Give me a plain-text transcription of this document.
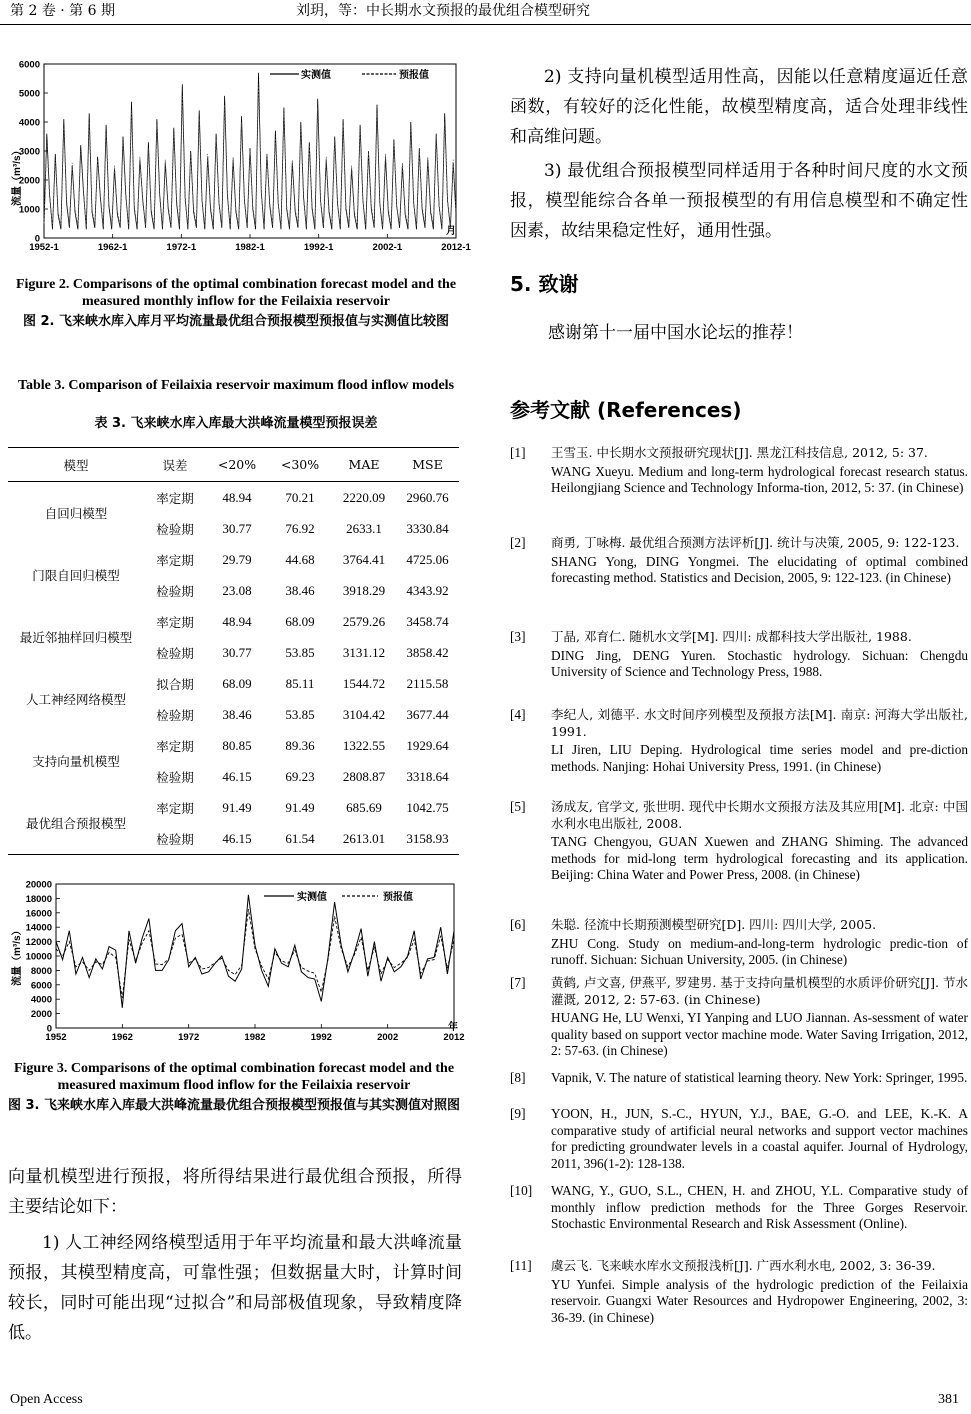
第 2 卷 · 第 6 期	刘玥，等：中长期水文预报的最优组合模型研究
0
1000
2000
3000
4000
5000
6000
1952-1	1962-1	1972-1	1982-1	1992-1	2002-1	2012-1
流量（m³/s）
月
实测值	预报值
Figure 2. Comparisons of the optimal combination forecast model and the measured monthly inflow for the Feilaixia reservoir
图 2. 飞来峡水库入库月平均流量最优组合预报模型预报值与实测值比较图
Table 3. Comparison of Feilaixia reservoir maximum flood inflow models
表 3. 飞来峡水库入库最大洪峰流量模型预报误差
模型	误差	<20%	<30%	MAE	MSE
自回归模型	率定期	48.94	70.21	2220.09	2960.76
	检验期	30.77	76.92	2633.1	3330.84
门限自回归模型	率定期	29.79	44.68	3764.41	4725.06
	检验期	23.08	38.46	3918.29	4343.92
最近邻抽样回归模型	率定期	48.94	68.09	2579.26	3458.74
	检验期	30.77	53.85	3131.12	3858.42
人工神经网络模型	拟合期	68.09	85.11	1544.72	2115.58
	检验期	38.46	53.85	3104.42	3677.44
支持向量机模型	率定期	80.85	89.36	1322.55	1929.64
	检验期	46.15	69.23	2808.87	3318.64
最优组合预报模型	率定期	91.49	91.49	685.69	1042.75
	检验期	46.15	61.54	2613.01	3158.93
0
2000
4000
6000
8000
10000
12000
14000
16000
18000
20000
1952	1962	1972	1982	1992	2002	2012
流量（m³/s）
年
实测值	预报值
Figure 3. Comparisons of the optimal combination forecast model and the measured maximum flood inflow for the Feilaixia reservoir
图 3. 飞来峡水库入库最大洪峰流量最优组合预报模型预报值与其实测值对照图
向量机模型进行预报，将所得结果进行最优组合预报，所得主要结论如下：
1) 人工神经网络模型适用于年平均流量和最大洪峰流量预报，其模型精度高，可靠性强；但数据量大时，计算时间较长，同时可能出现“过拟合”和局部极值现象，导致精度降低。
2) 支持向量机模型适用性高，因能以任意精度逼近任意函数，有较好的泛化性能，故模型精度高，适合处理非线性和高维问题。
3) 最优组合预报模型同样适用于各种时间尺度的水文预报，模型能综合各单一预报模型的有用信息模型和不确定性因素，故结果稳定性好，通用性强。
5. 致谢
感谢第十一届中国水论坛的推荐！
参考文献 (References)
[1]	王雪玉. 中长期水文预报研究现状[J]. 黑龙江科技信息, 2012, 5: 37.
WANG Xueyu. Medium and long-term hydrological forecast research status. Heilongjiang Science and Technology Informa-tion, 2012, 5: 37. (in Chinese)
[2]	商勇, 丁咏梅. 最优组合预测方法评析[J]. 统计与决策, 2005, 9: 122-123.
SHANG Yong, DING Yongmei. The elucidating of optimal combined forecasting method. Statistics and Decision, 2005, 9: 122-123. (in Chinese)
[3]	丁晶, 邓育仁. 随机水文学[M]. 四川: 成都科技大学出版社, 1988.
DING Jing, DENG Yuren. Stochastic hydrology. Sichuan: Chengdu University of Science and Technology Press, 1988.
[4]	李纪人, 刘德平. 水文时间序列模型及预报方法[M]. 南京: 河海大学出版社, 1991.
LI Jiren, LIU Deping. Hydrological time series model and pre-diction methods. Nanjing: Hohai University Press, 1991. (in Chinese)
[5]	汤成友, 官学文, 张世明. 现代中长期水文预报方法及其应用[M]. 北京: 中国水利水电出版社, 2008.
TANG Chengyou, GUAN Xuewen and ZHANG Shiming. The advanced methods for mid-long term hydrological forecasting and its application. Beijing: China Water and Power Press, 2008. (in Chinese)
[6]	朱聪. 径流中长期预测模型研究[D]. 四川: 四川大学, 2005.
ZHU Cong. Study on medium-and-long-term hydrologic predic-tion of runoff. Sichuan: Sichuan University, 2005. (in Chinese)
[7]	黄鹤, 卢文喜, 伊燕平, 罗建男. 基于支持向量机模型的水质评价研究[J]. 节水灌溉, 2012, 2: 57-63. (in Chinese)
HUANG He, LU Wenxi, YI Yanping and LUO Jiannan. As-sessment of water quality based on support vector machine mode. Water Saving Irrigation, 2012, 2: 57-63. (in Chinese)
[8]	Vapnik, V. The nature of statistical learning theory. New York: Springer, 1995.
[9]	YOON, H., JUN, S.-C., HYUN, Y.J., BAE, G.-O. and LEE, K.-K. A comparative study of artificial neural networks and support vector machines for predicting groundwater levels in a coastal aquifer. Journal of Hydrology, 2011, 396(1-2): 128-138.
[10]	WANG, Y., GUO, S.L., CHEN, H. and ZHOU, Y.L. Comparative study of monthly inflow prediction methods for the Three Gorges Reservoir. Stochastic Environmental Research and Risk Assessment (Online).
[11]	虞云飞. 飞来峡水库水文预报浅析[J]. 广西水利水电, 2002, 3: 36-39.
YU Yunfei. Simple analysis of the hydrologic prediction of the Feilaixia reservoir. Guangxi Water Resources and Hydropower Engineering, 2002, 3: 36-39. (in Chinese)
Open Access	381
